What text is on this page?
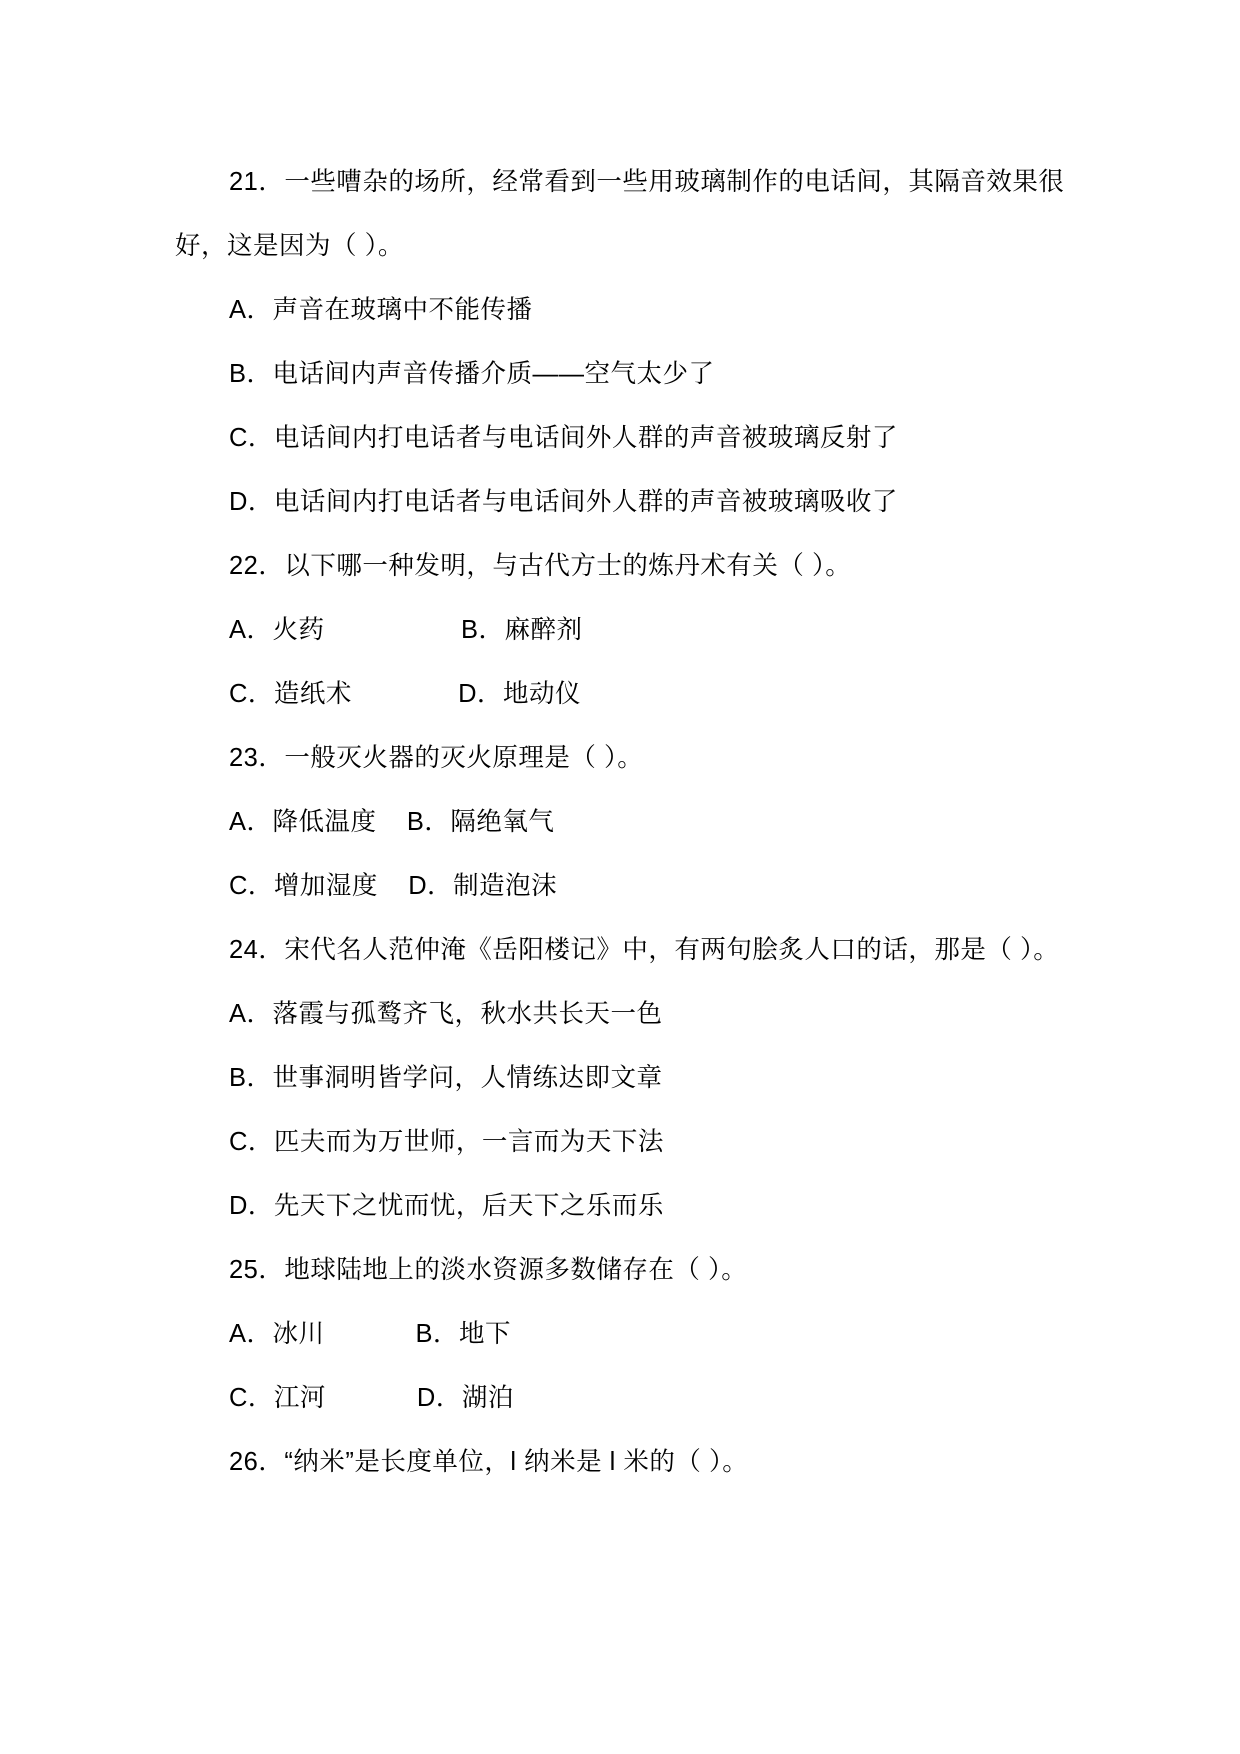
21．一些嘈杂的场所，经常看到一些用玻璃制作的电话间，其隔音效果很好，这是因为（ ）。

A．声音在玻璃中不能传播

B．电话间内声音传播介质——空气太少了

C．电话间内打电话者与电话间外人群的声音被玻璃反射了

D．电话间内打电话者与电话间外人群的声音被玻璃吸收了

22．以下哪一种发明，与古代方士的炼丹术有关（ ）。

A．火药                  B．麻醉剂

C．造纸术              D．地动仪

23．一般灭火器的灭火原理是（ ）。

A．降低温度    B．隔绝氧气

C．增加湿度    D．制造泡沫

24．宋代名人范仲淹《岳阳楼记》中，有两句脍炙人口的话，那是（ ）。

A．落霞与孤鹜齐飞，秋水共长天一色

B．世事洞明皆学问，人情练达即文章

C．匹夫而为万世师，一言而为天下法

D．先天下之忧而忧，后天下之乐而乐

25．地球陆地上的淡水资源多数储存在（ ）。

A．冰川            B．地下

C．江河            D．湖泊

26．“纳米”是长度单位，l 纳米是 l 米的（ ）。
